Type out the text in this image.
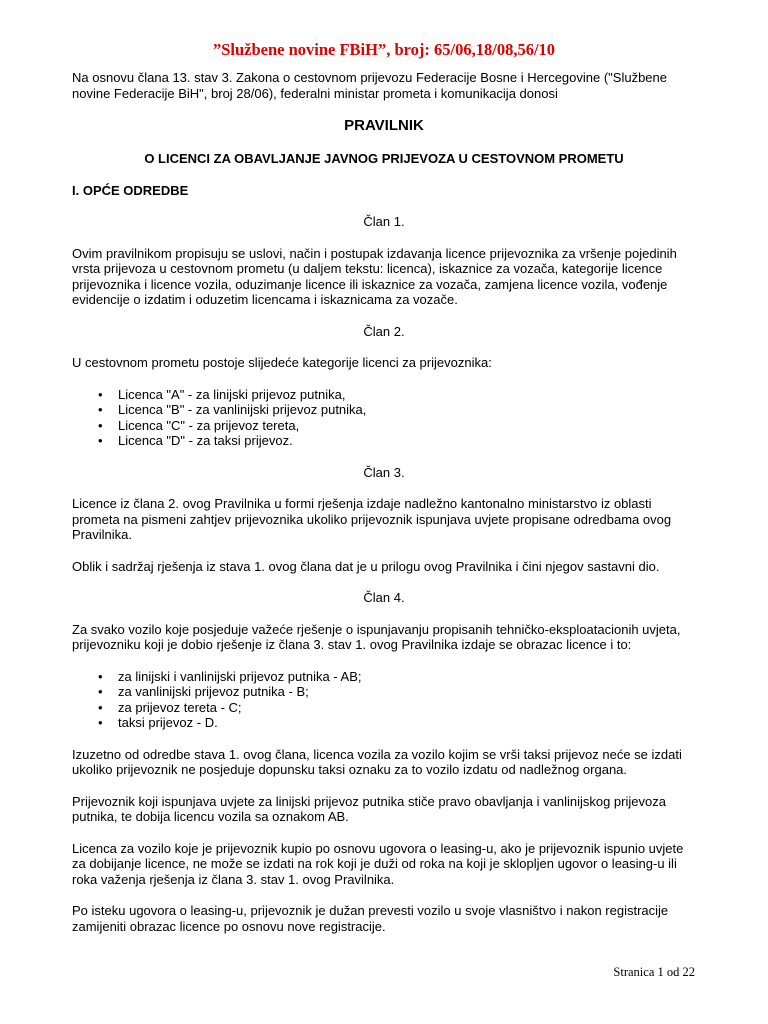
”Službene novine FBiH”, broj: 65/06,18/08,56/10

Na osnovu člana 13. stav 3. Zakona o cestovnom prijevozu Federacije Bosne i Hercegovine ("Službene novine Federacije BiH", broj 28/06), federalni ministar prometa i komunikacija donosi

PRAVILNIK
O LICENCI ZA OBAVLJANJE JAVNOG PRIJEVOZA U CESTOVNOM PROMETU
I. OPĆE ODREDBE
Član 1.

Ovim pravilnikom propisuju se uslovi, način i postupak izdavanja licence prijevoznika za vršenje pojedinih vrsta prijevoza u cestovnom prometu (u daljem tekstu: licenca), iskaznice za vozača, kategorije licence prijevoznika i licence vozila, oduzimanje licence ili iskaznice za vozača, zamjena licence vozila, vođenje evidencije o izdatim i oduzetim licencama i iskaznicama za vozače.

Član 2.

U cestovnom prometu postoje slijedeće kategorije licenci za prijevoznika:

• Licenca "A" - za linijski prijevoz putnika,
• Licenca "B" - za vanlinijski prijevoz putnika,
• Licenca "C" - za prijevoz tereta,
• Licenca "D" - za taksi prijevoz.
Član 3.

Licence iz člana 2. ovog Pravilnika u formi rješenja izdaje nadležno kantonalno ministarstvo iz oblasti prometa na pismeni zahtjev prijevoznika ukoliko prijevoznik ispunjava uvjete propisane odredbama ovog Pravilnika.

Oblik i sadržaj rješenja iz stava 1. ovog člana dat je u prilogu ovog Pravilnika i čini njegov sastavni dio.

Član 4.

Za svako vozilo koje posjeduje važeće rješenje o ispunjavanju propisanih tehničko-eksploatacionih uvjeta, prijevozniku koji je dobio rješenje iz člana 3. stav 1. ovog Pravilnika izdaje se obrazac licence i to:

• za linijski i vanlinijski prijevoz putnika - AB;
• za vanlinijski prijevoz putnika - B;
• za prijevoz tereta - C;
• taksi prijevoz - D.

Izuzetno od odredbe stava 1. ovog člana, licenca vozila za vozilo kojim se vrši taksi prijevoz neće se izdati ukoliko prijevoznik ne posjeduje dopunsku taksi oznaku za to vozilo izdatu od nadležnog organa.

Prijevoznik koji ispunjava uvjete za linijski prijevoz putnika stiče pravo obavljanja i vanlinijskog prijevoza putnika, te dobija licencu vozila sa oznakom AB.

Licenca za vozilo koje je prijevoznik kupio po osnovu ugovora o leasing-u, ako je prijevoznik ispunio uvjete za dobijanje licence, ne može se izdati na rok koji je duži od roka na koji je sklopljen ugovor o leasing-u ili roka važenja rješenja iz člana 3. stav 1. ovog Pravilnika.

Po isteku ugovora o leasing-u, prijevoznik je dužan prevesti vozilo u svoje vlasništvo i nakon registracije zamijeniti obrazac licence po osnovu nove registracije.

Stranica 1 od 22
